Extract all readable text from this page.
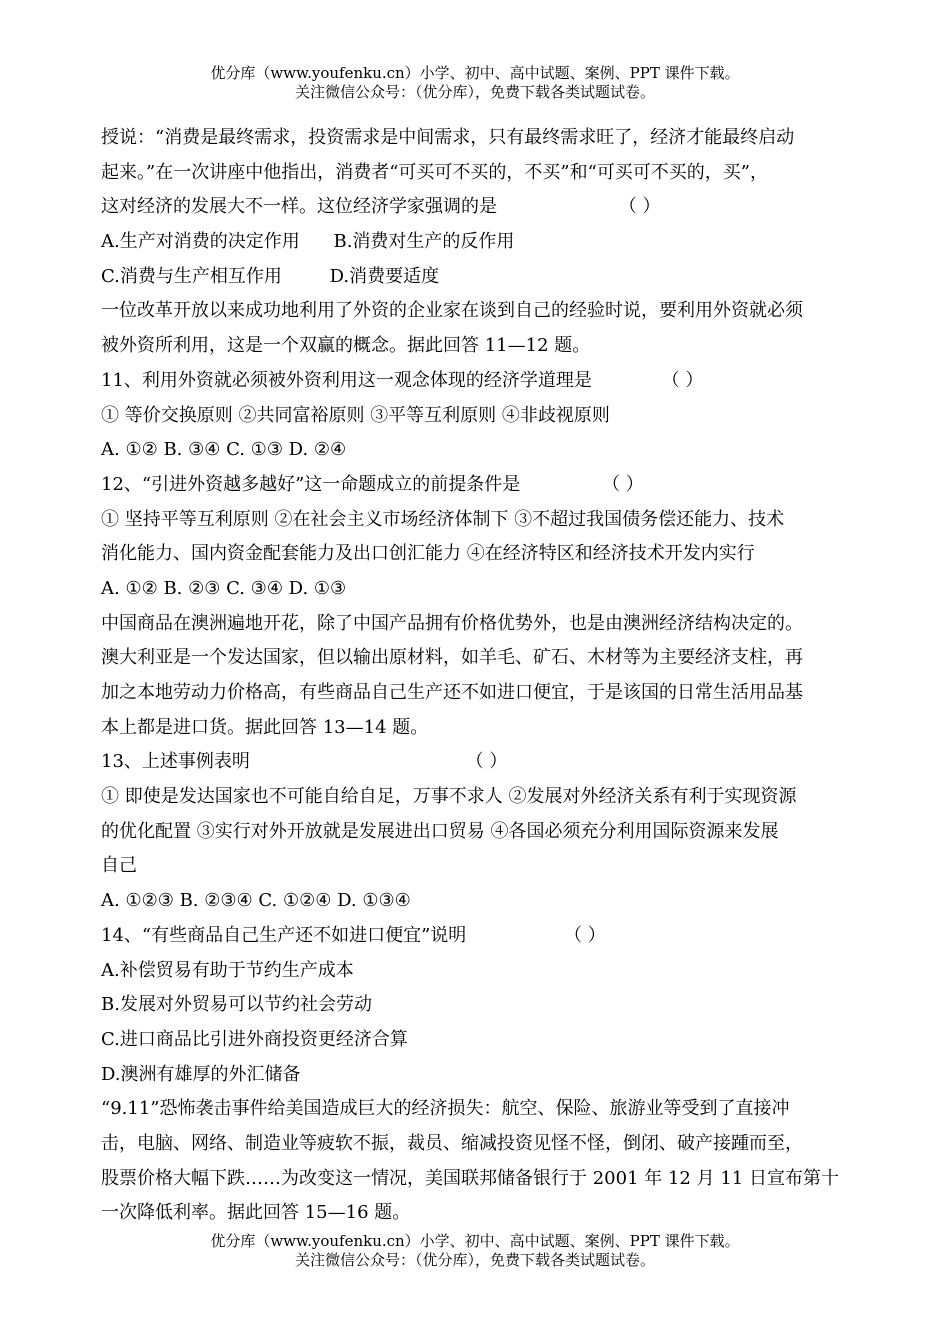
优分库（www.youfenku.cn）小学、初中、高中试题、案例、PPT 课件下载。
关注微信公众号：（优分库），免费下载各类试题试卷。
授说：“消费是最终需求，投资需求是中间需求，只有最终需求旺了，经济才能最终启动
起来。”在一次讲座中他指出，消费者“可买可不买的，不买”和“可买可不买的，买”，
这对经济的发展大不一样。这位经济学家强调的是	（ ）
A.生产对消费的决定作用 B.消费对生产的反作用
C.消费与生产相互作用	D.消费要适度
一位改革开放以来成功地利用了外资的企业家在谈到自己的经验时说，要利用外资就必须
被外资所利用，这是一个双赢的概念。据此回答 11—12 题。
11、利用外资就必须被外资利用这一观念体现的经济学道理是	（ ）
① 等价交换原则 ②共同富裕原则 ③平等互利原则 ④非歧视原则
A. ①② B. ③④ C. ①③ D. ②④
12、“引进外资越多越好”这一命题成立的前提条件是	（ ）
① 坚持平等互利原则 ②在社会主义市场经济体制下 ③不超过我国债务偿还能力、技术
消化能力、国内资金配套能力及出口创汇能力 ④在经济特区和经济技术开发内实行
A. ①② B. ②③ C. ③④ D. ①③
中国商品在澳洲遍地开花，除了中国产品拥有价格优势外，也是由澳洲经济结构决定的。
澳大利亚是一个发达国家，但以输出原材料，如羊毛、矿石、木材等为主要经济支柱，再
加之本地劳动力价格高，有些商品自己生产还不如进口便宜，于是该国的日常生活用品基
本上都是进口货。据此回答 13—14 题。
13、上述事例表明	（ ）
① 即使是发达国家也不可能自给自足，万事不求人 ②发展对外经济关系有利于实现资源
的优化配置 ③实行对外开放就是发展进出口贸易 ④各国必须充分利用国际资源来发展
自己
A. ①②③ B. ②③④ C. ①②④ D. ①③④
14、“有些商品自己生产还不如进口便宜”说明	（ ）
A.补偿贸易有助于节约生产成本
B.发展对外贸易可以节约社会劳动
C.进口商品比引进外商投资更经济合算
D.澳洲有雄厚的外汇储备
“9.11”恐怖袭击事件给美国造成巨大的经济损失：航空、保险、旅游业等受到了直接冲
击，电脑、网络、制造业等疲软不振，裁员、缩减投资见怪不怪，倒闭、破产接踵而至，
股票价格大幅下跌……为改变这一情况，美国联邦储备银行于 2001 年 12 月 11 日宣布第十
一次降低利率。据此回答 15—16 题。
优分库（www.youfenku.cn）小学、初中、高中试题、案例、PPT 课件下载。
关注微信公众号：（优分库），免费下载各类试题试卷。
